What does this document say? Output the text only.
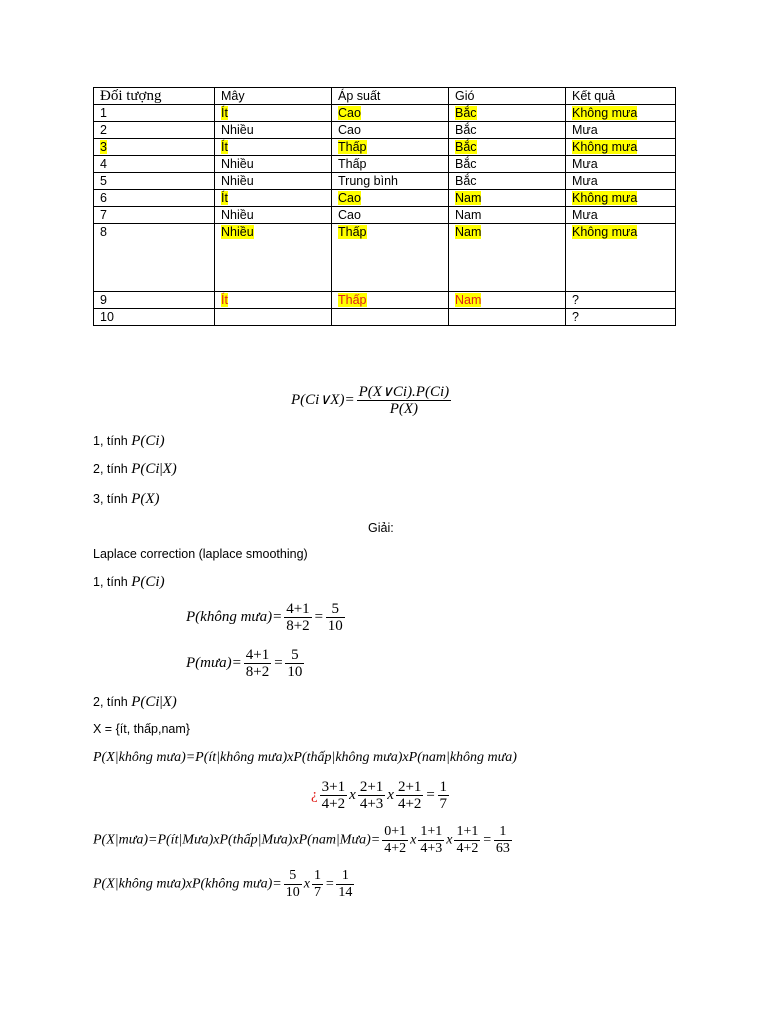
Đối tượng	Mây	Áp suất	Gió	Kết quả
1	Ít	Cao	Bắc	Không mưa
2	Nhiều	Cao	Bắc	Mưa
3	Ít	Thấp	Bắc	Không mưa
4	Nhiều	Thấp	Bắc	Mưa
5	Nhiều	Trung bình	Bắc	Mưa
6	Ít	Cao	Nam	Không mưa
7	Nhiều	Cao	Nam	Mưa
8	Nhiều	Thấp	Nam	Không mưa
9	Ít	Thấp	Nam	?
10				?
P(Ci∨X)= $\frac{P(X\vee Ci).P(Ci)}{P(X)}$
1, tính P(Ci)
2, tính P(Ci|X)
3, tính P(X)
Giải:
Laplace correction (laplace smoothing)
1, tính P(Ci)
P(không mưa)= $\frac{4+1}{8+2} = \frac{5}{10}$
P(mưa)= $\frac{4+1}{8+2} = \frac{5}{10}$
2, tính P(Ci|X)
X = {ít, thấp,nam}
P(X|không mưa)=P(ít|không mưa)xP(thấp|không mưa)xP(nam|không mưa)
¿ $\frac{3+1}{4+2}$ x $\frac{2+1}{4+3}$ x $\frac{2+1}{4+2} = \frac{1}{7}$
P(X|mưa)=P(ít|Mưa)xP(thấp|Mưa)xP(nam|Mưa)= $\frac{0+1}{4+2}$ x $\frac{1+1}{4+3}$ x $\frac{1+1}{4+2} = \frac{1}{63}$
P(X|không mưa)xP(không mưa)= $\frac{5}{10}$ x $\frac{1}{7} = \frac{1}{14}$
